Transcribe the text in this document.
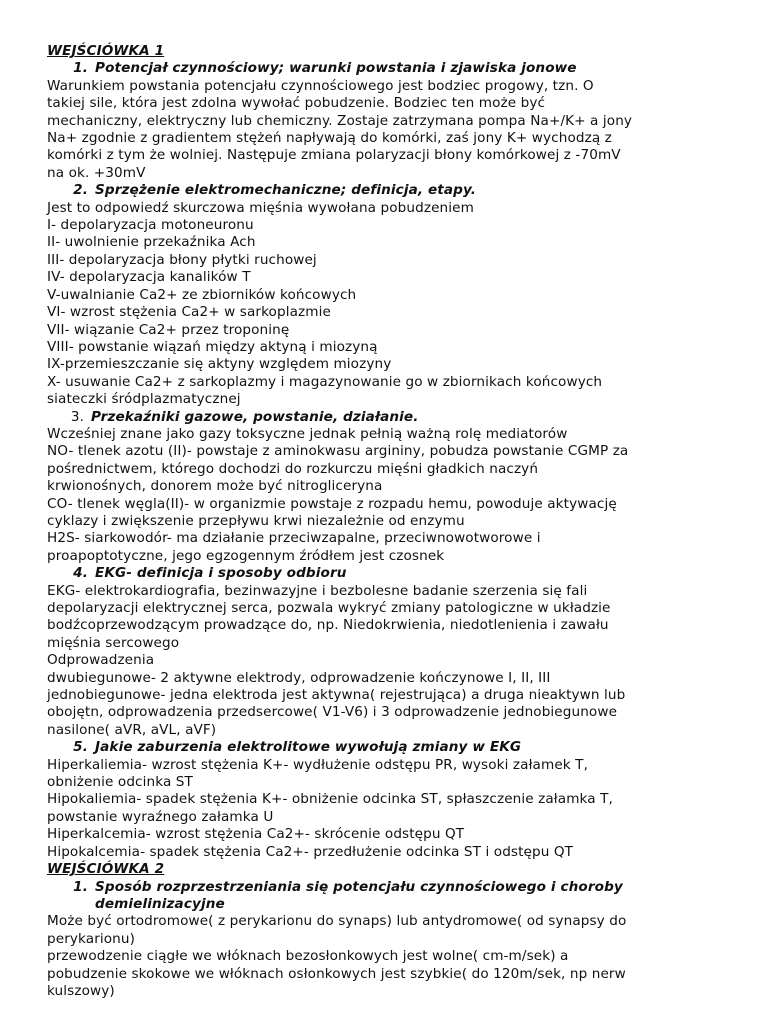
WEJŚCIÓWKA 1
1. Potencjał czynnościowy; warunki powstania i zjawiska jonowe
Warunkiem powstania potencjału czynnościowego jest bodziec progowy, tzn. O
takiej sile, która jest zdolna wywołać pobudzenie. Bodziec ten może być
mechaniczny, elektryczny lub chemiczny. Zostaje zatrzymana pompa Na+/K+ a jony
Na+ zgodnie z gradientem stężeń napływają do komórki, zaś jony K+ wychodzą z
komórki z tym że wolniej. Następuje zmiana polaryzacji błony komórkowej z -70mV
na ok. +30mV
2. Sprzężenie elektromechaniczne; definicja, etapy.
Jest to odpowiedź skurczowa mięśnia wywołana pobudzeniem
I- depolaryzacja motoneuronu
II- uwolnienie przekaźnika Ach
III- depolaryzacja błony płytki ruchowej
IV- depolaryzacja kanalików T
V-uwalnianie Ca2+ ze zbiorników końcowych
VI- wzrost stężenia Ca2+ w sarkoplazmie
VII- wiązanie Ca2+ przez troponinę
VIII- powstanie wiązań między aktyną i miozyną
IX-przemieszczanie się aktyny względem miozyny
X- usuwanie Ca2+ z sarkoplazmy i magazynowanie go w zbiornikach końcowych
siateczki śródplazmatycznej
3. Przekaźniki gazowe, powstanie, działanie.
Wcześniej znane jako gazy toksyczne jednak pełnią ważną rolę mediatorów
NO- tlenek azotu (II)- powstaje z aminokwasu argininy, pobudza powstanie CGMP za
pośrednictwem, którego dochodzi do rozkurczu mięśni gładkich naczyń
krwionośnych, donorem może być nitrogliceryna
CO- tlenek węgla(II)- w organizmie powstaje z rozpadu hemu, powoduje aktywację
cyklazy i zwiększenie przepływu krwi niezależnie od enzymu
H2S- siarkowodór- ma działanie przeciwzapalne, przeciwnowotworowe i
proapoptotyczne, jego egzogennym źródłem jest czosnek
4. EKG- definicja i sposoby odbioru
EKG- elektrokardiografia, bezinwazyjne i bezbolesne badanie szerzenia się fali
depolaryzacji elektrycznej serca, pozwala wykryć zmiany patologiczne w układzie
bodźcoprzewodzącym prowadzące do, np. Niedokrwienia, niedotlenienia i zawału
mięśnia sercowego
Odprowadzenia
dwubiegunowe- 2 aktywne elektrody, odprowadzenie kończynowe I, II, III
jednobiegunowe- jedna elektroda jest aktywna( rejestrująca) a druga nieaktywn lub
obojętn, odprowadzenia przedsercowe( V1-V6) i 3 odprowadzenie jednobiegunowe
nasilone( aVR, aVL, aVF)
5. Jakie zaburzenia elektrolitowe wywołują zmiany w EKG
Hiperkaliemia- wzrost stężenia K+- wydłużenie odstępu PR, wysoki załamek T,
obniżenie odcinka ST
Hipokaliemia- spadek stężenia K+- obniżenie odcinka ST, spłaszczenie załamka T,
powstanie wyraźnego załamka U
Hiperkalcemia- wzrost stężenia Ca2+- skrócenie odstępu QT
Hipokalcemia- spadek stężenia Ca2+- przedłużenie odcinka ST i odstępu QT
WEJŚCIÓWKA 2
1. Sposób rozprzestrzeniania się potencjału czynnościowego i choroby
demielinizacyjne
Może być ortodromowe( z perykarionu do synaps) lub antydromowe( od synapsy do
perykarionu)
przewodzenie ciągłe we włóknach bezosłonkowych jest wolne( cm-m/sek) a
pobudzenie skokowe we włóknach osłonkowych jest szybkie( do 120m/sek, np nerw
kulszowy)
